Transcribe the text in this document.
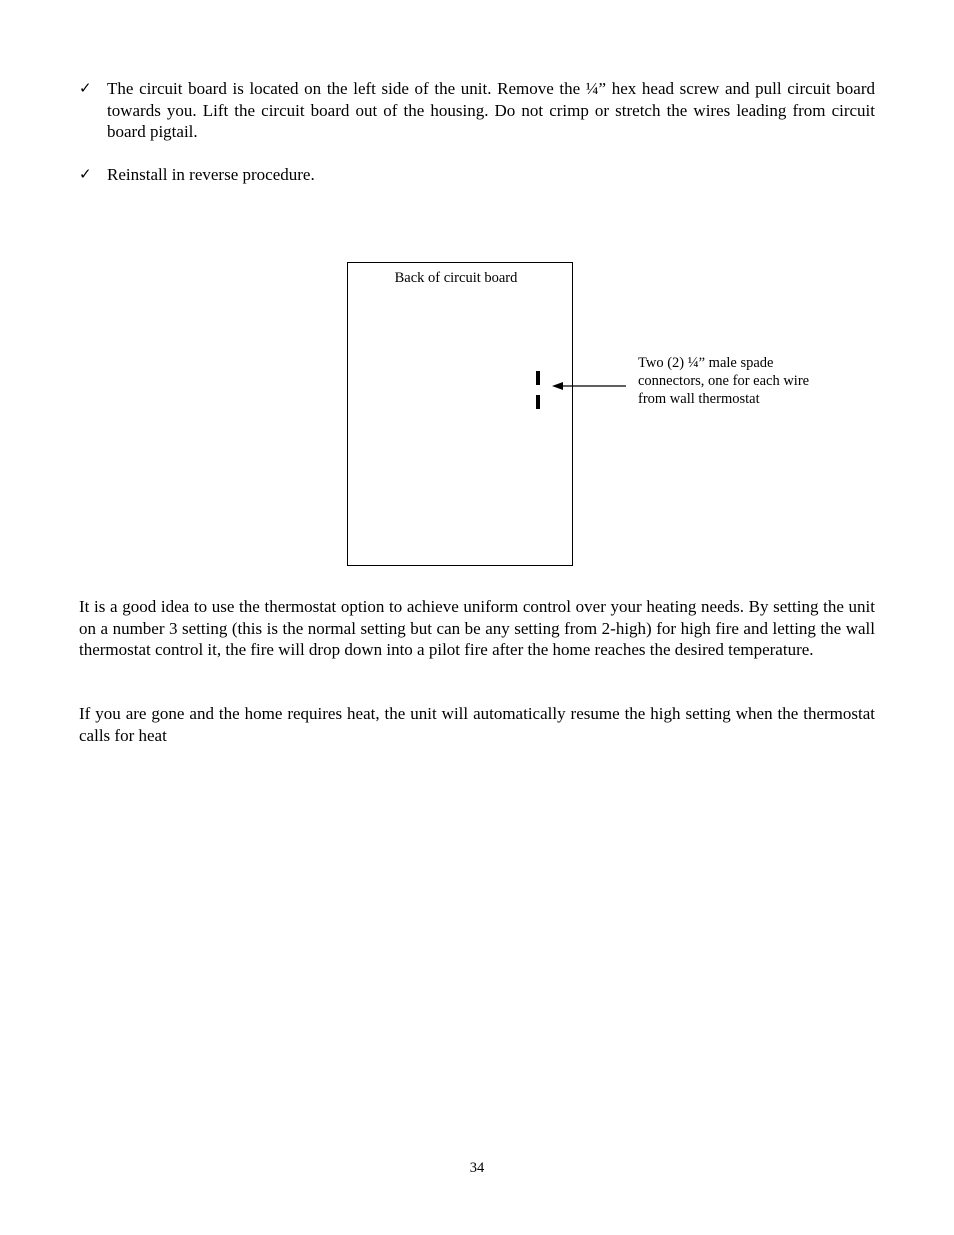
✓ The circuit board is located on the left side of the unit. Remove the ¼” hex head screw and pull circuit board towards you. Lift the circuit board out of the housing. Do not crimp or stretch the wires leading from circuit board pigtail.
✓ Reinstall in reverse procedure.
Back of circuit board
Two (2) ¼” male spade connectors, one for each wire from wall thermostat
It is a good idea to use the thermostat option to achieve uniform control over your heating needs. By setting the unit on a number 3 setting (this is the normal setting but can be any setting from 2-high) for high fire and letting the wall thermostat control it, the fire will drop down into a pilot fire after the home reaches the desired temperature.
If you are gone and the home requires heat, the unit will automatically resume the high setting when the thermostat calls for heat
34
